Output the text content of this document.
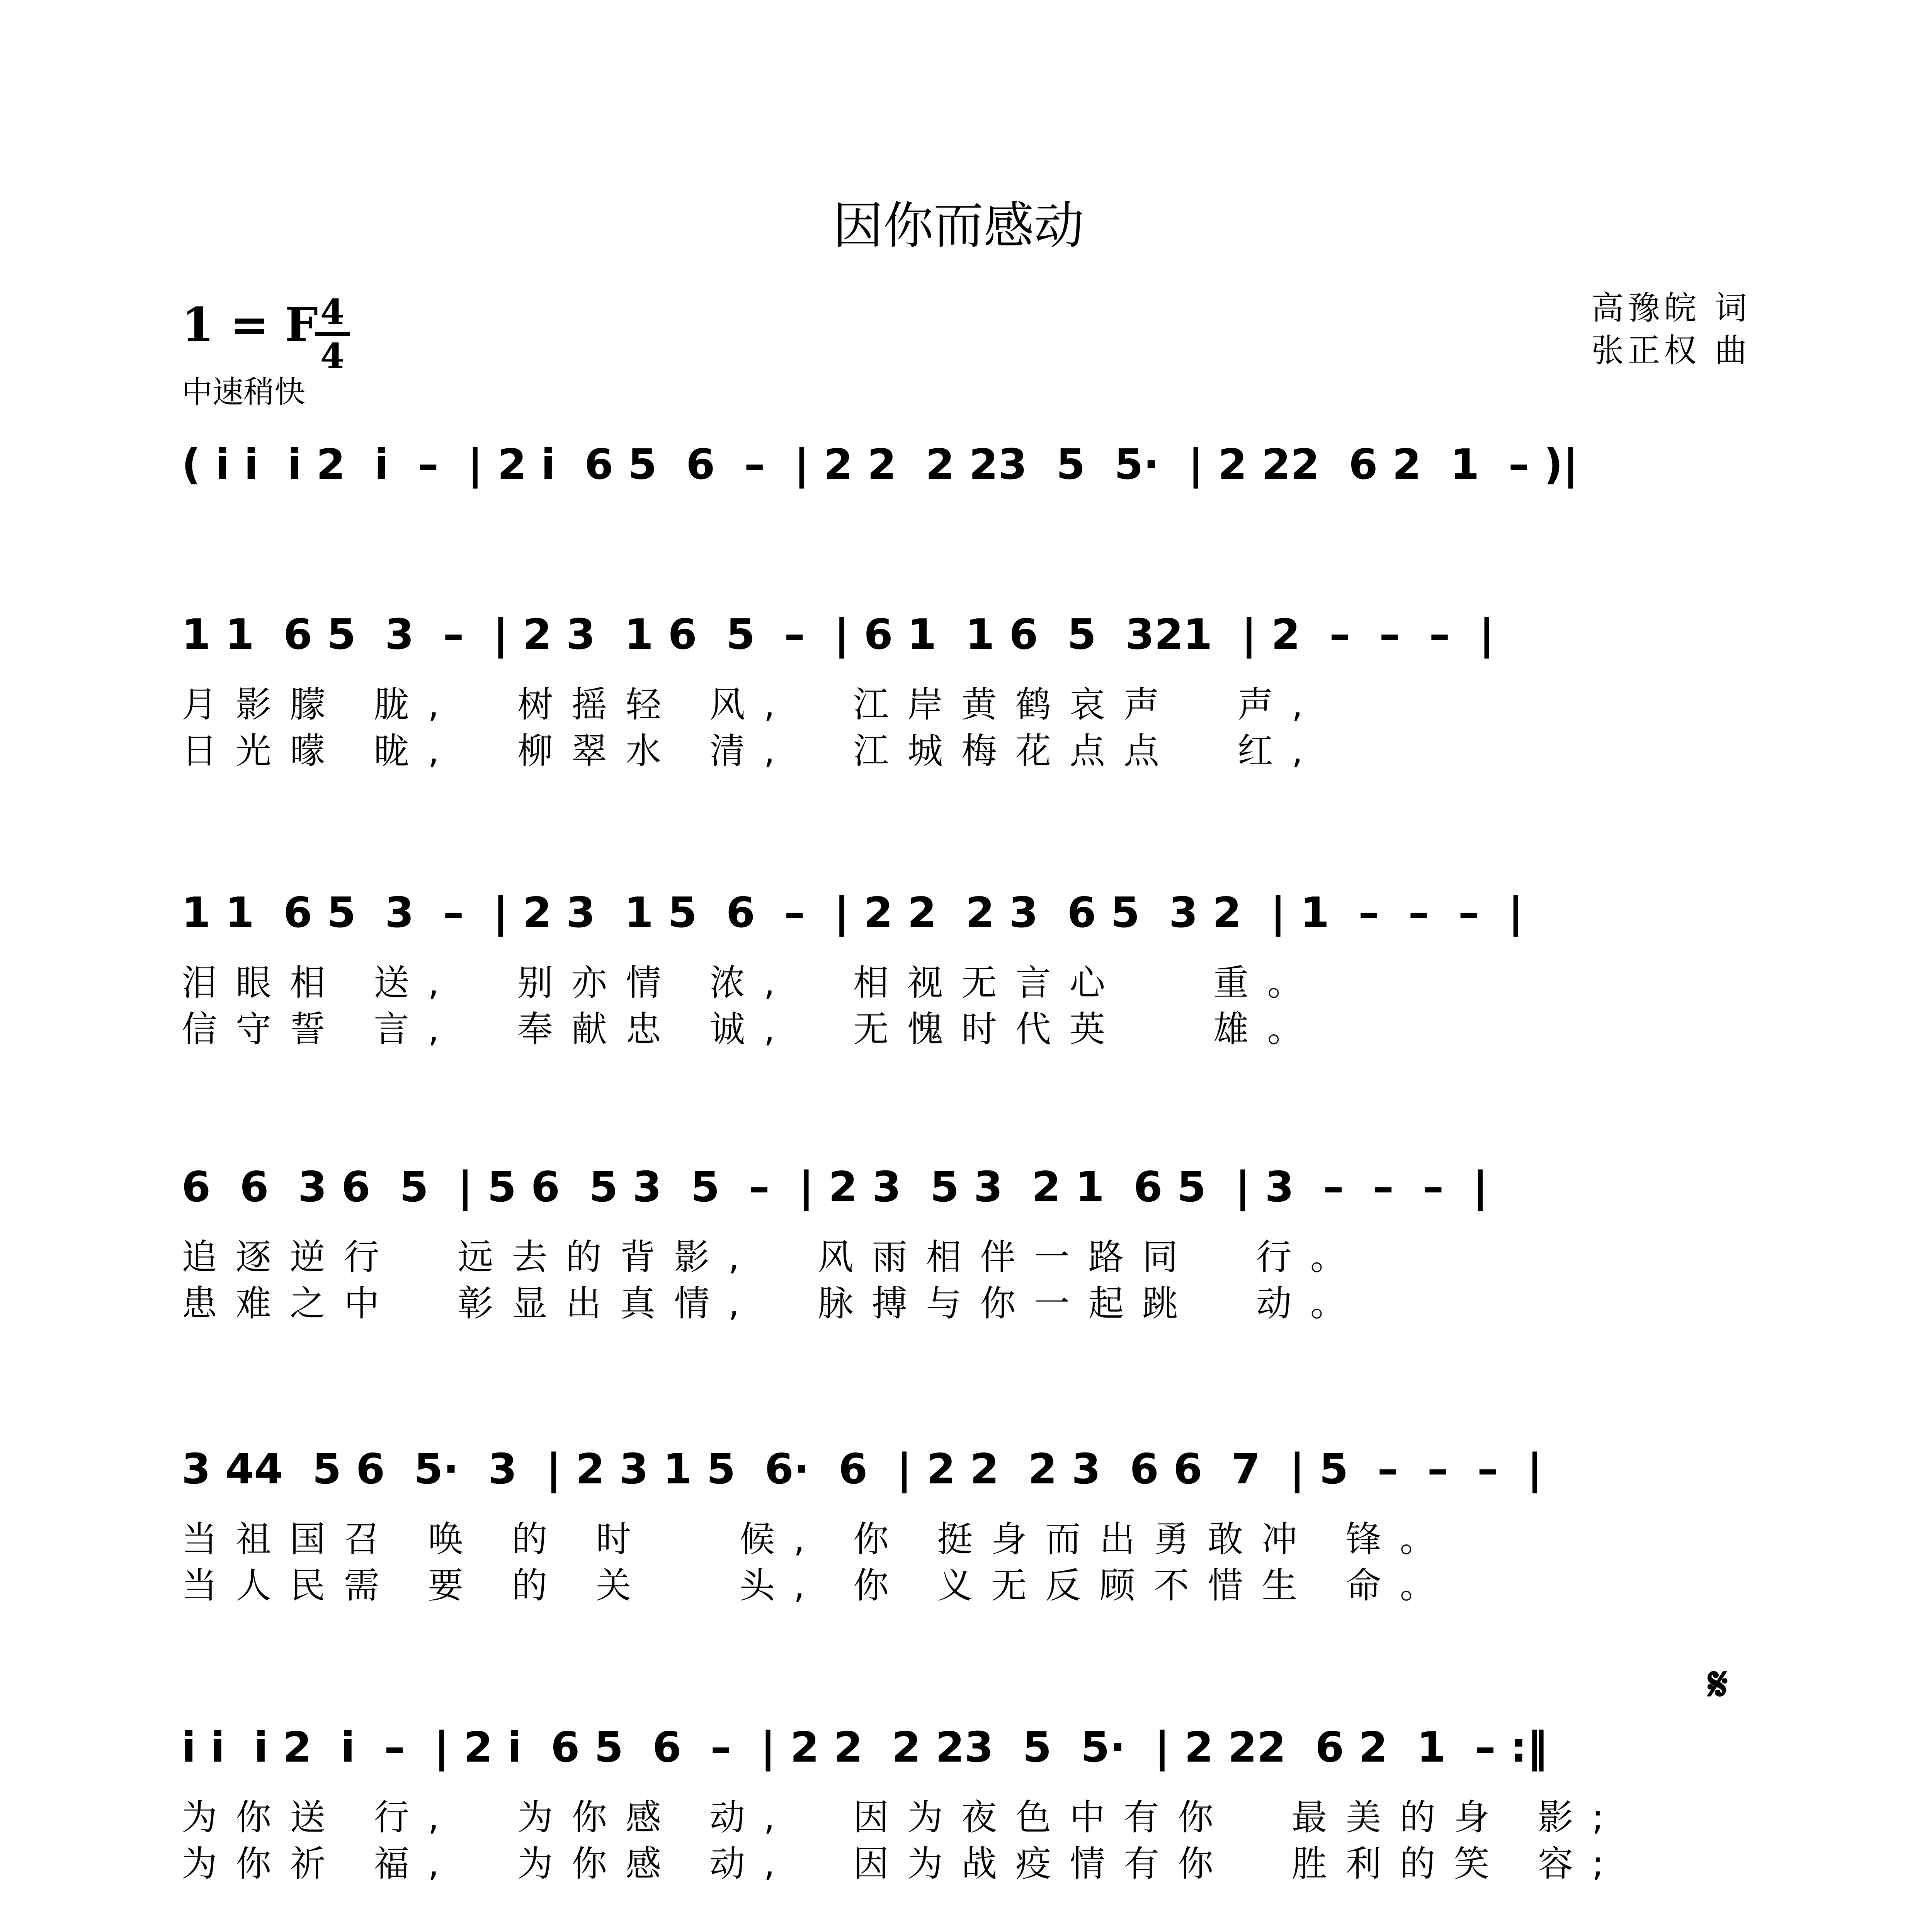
因你而感动
1 = F 4
4
中速稍快
高豫皖 词
张正权 曲
( i i  i 2  i  –  | 2 i  6 5  6  –  | 2 2  2 23  5  5·  | 2 22  6 2  1  – )|
1 1  6 5  3  –  | 2 3  1 6  5  –  | 6 1  1 6  5  321  | 2  –  –  –  |
月影朦 胧,  树摇轻 风,  江岸黄鹤哀声  声,
日光曚 昽,  柳翠水 清,  江城梅花点点  红,
1 1  6 5  3  –  | 2 3  1 5  6  –  | 2 2  2 3  6 5  3 2  | 1  –  –  –  |
泪眼相 送,  别亦情 浓,  相视无言心   重。
信守誓 言,  奉献忠 诚,  无愧时代英   雄。
6  6  3 6  5  | 5 6  5 3  5  –  | 2 3  5 3  2 1  6 5  | 3  –  –  –  |
追逐逆行  远去的背影,  风雨相伴一路同  行。
患难之中  彰显出真情,  脉搏与你一起跳  动。
3 44  5 6  5·  3  | 2 3 1 5  6·  6  | 2 2  2 3  6 6  7  | 5  –  –  –  |
当祖国召 唤 的 时   候, 你 挺身而出勇敢冲 锋。
当人民需 要 的 关   头, 你 义无反顾不惜生 命。
𝄋
i i  i 2  i  –  | 2 i  6 5  6  –  | 2 2  2 23  5  5·  | 2 22  6 2  1  – :‖
为你送 行,  为你感 动,  因为夜色中有你  最美的身 影;
为你祈 福,  为你感 动,  因为战疫情有你  胜利的笑 容;
